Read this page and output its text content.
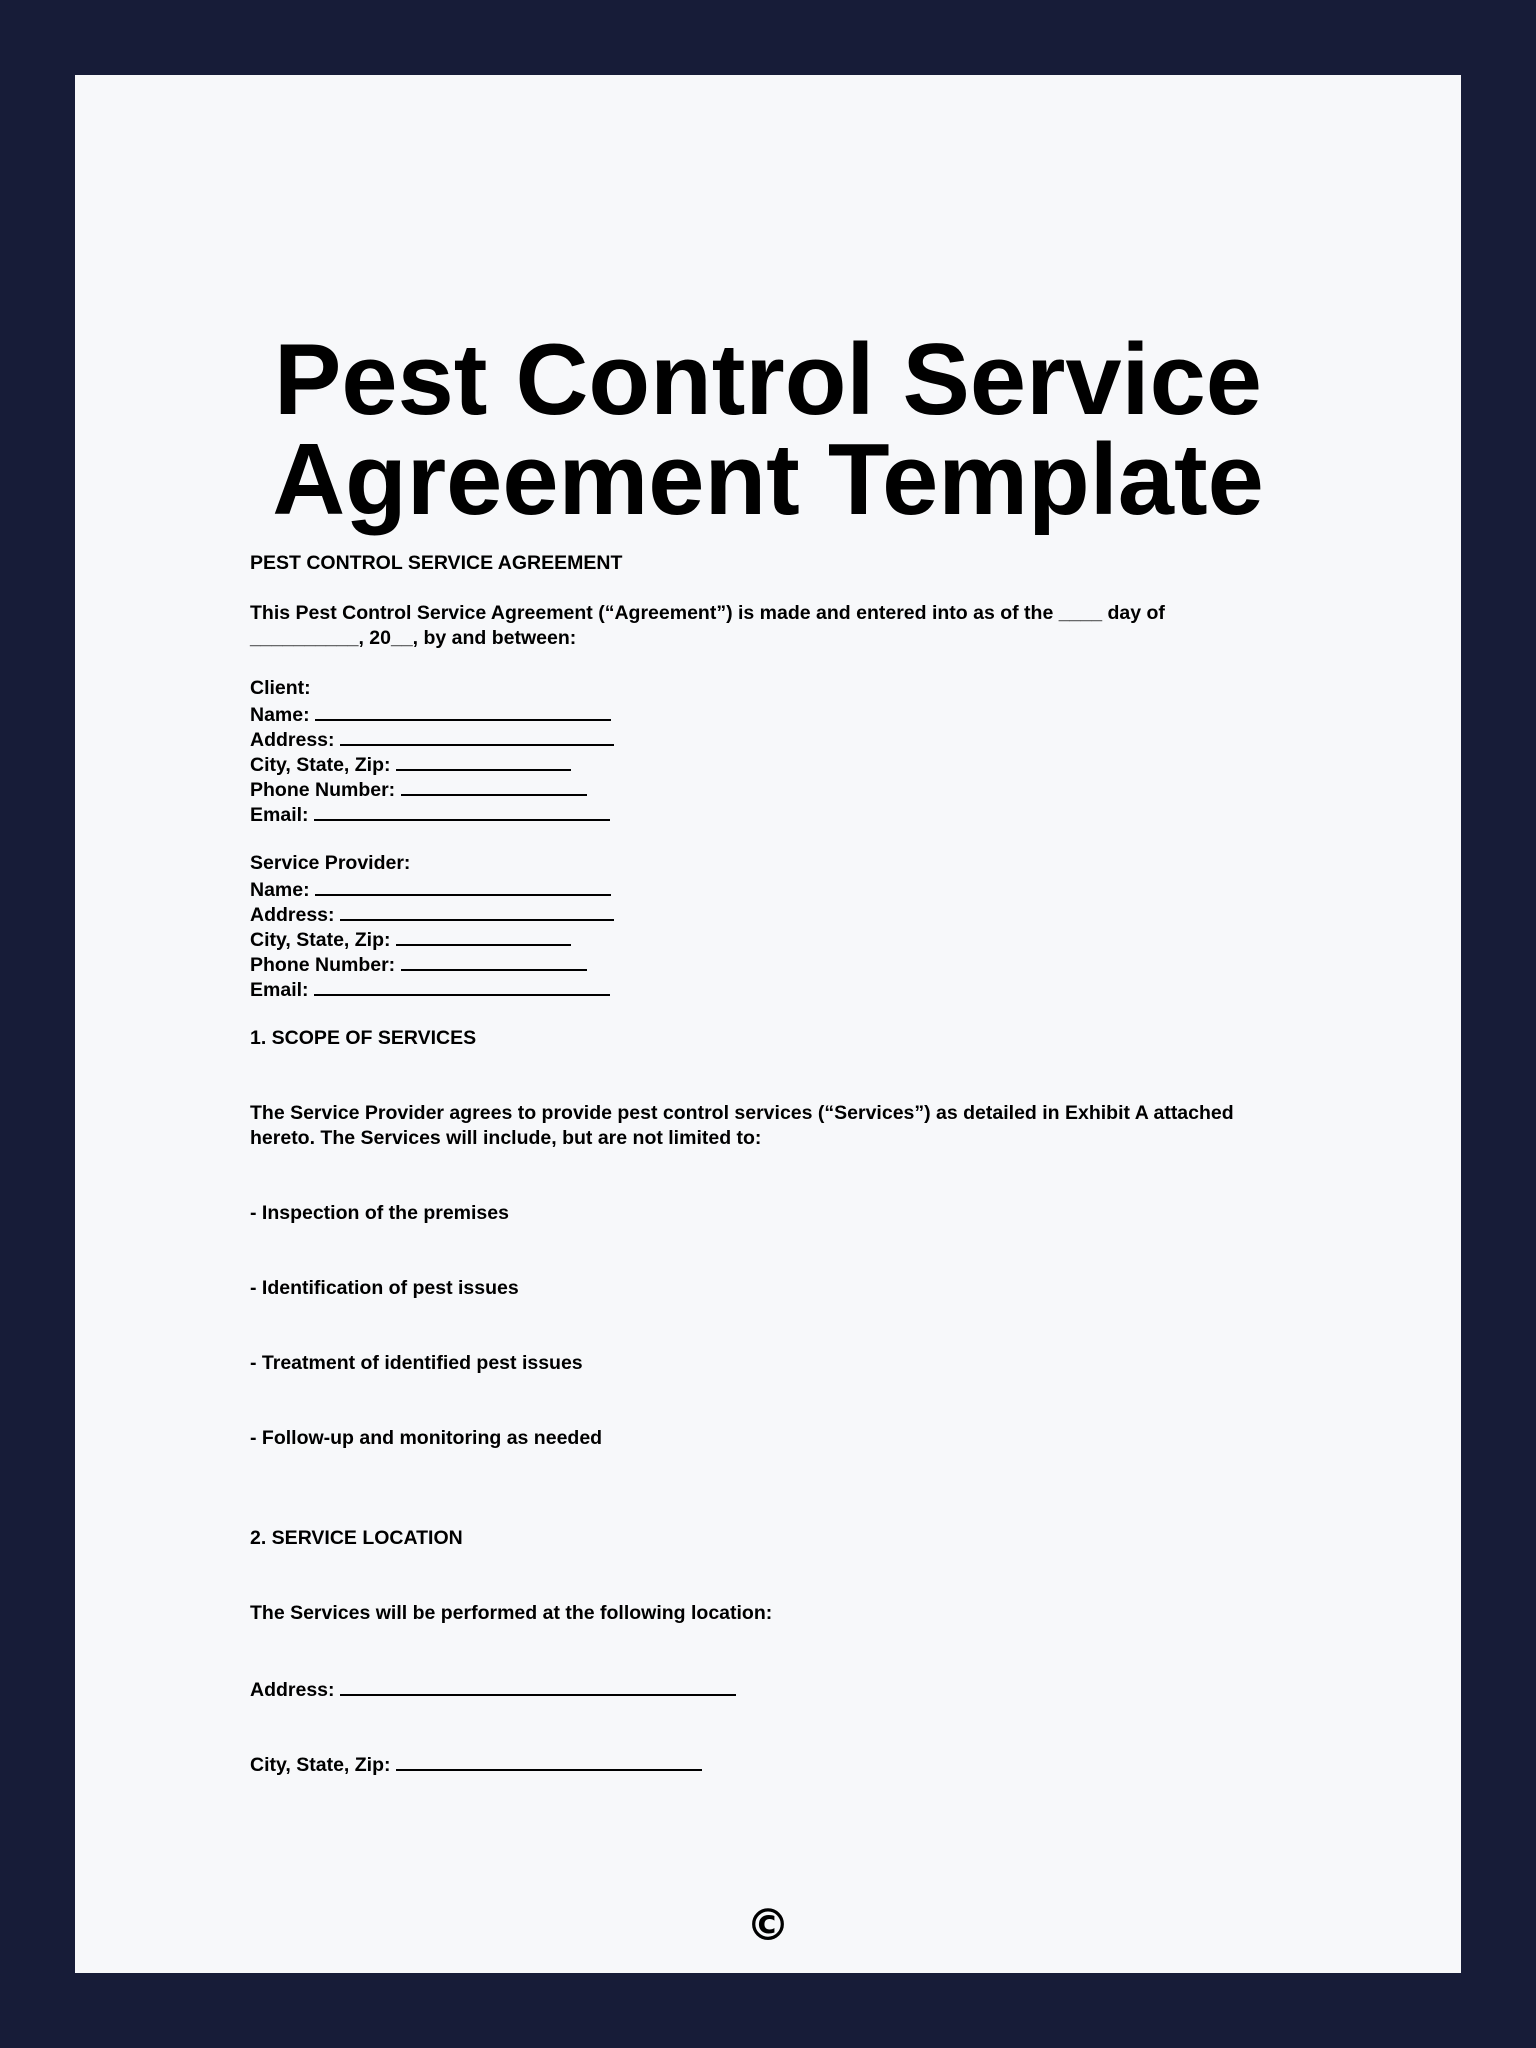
Pest Control Service
Agreement Template
PEST CONTROL SERVICE AGREEMENT
This Pest Control Service Agreement (“Agreement”) is made and entered into as of the ____ day of
__________, 20__, by and between:
Client:
Name:
Address:
City, State, Zip:
Phone Number:
Email:
Service Provider:
Name:
Address:
City, State, Zip:
Phone Number:
Email:
1. SCOPE OF SERVICES
The Service Provider agrees to provide pest control services (“Services”) as detailed in Exhibit A attached
hereto. The Services will include, but are not limited to:
- Inspection of the premises
- Identification of pest issues
- Treatment of identified pest issues
- Follow-up and monitoring as needed
2. SERVICE LOCATION
The Services will be performed at the following location:
Address:
City, State, Zip:
©
